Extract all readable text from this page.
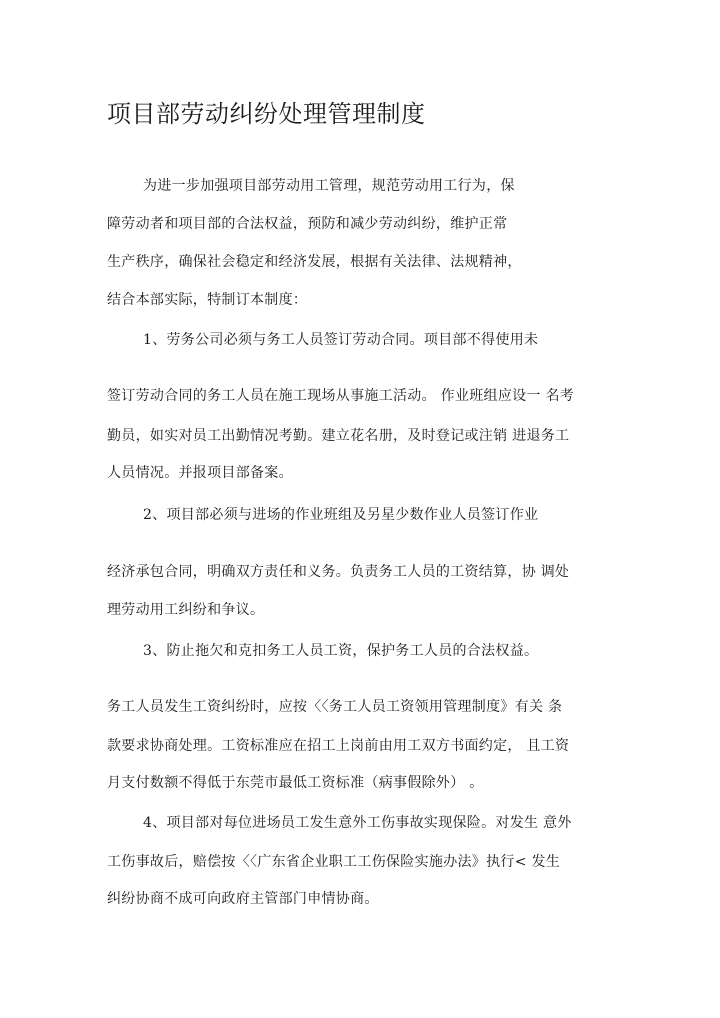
项目部劳动纠纷处理管理制度
为进一步加强项目部劳动用工管理，规范劳动用工行为，保
障劳动者和项目部的合法权益，预防和减少劳动纠纷，维护正常
生产秩序，确保社会稳定和经济发展，根据有关法律、法规精神，
结合本部实际，特制订本制度：
1、劳务公司必须与务工人员签订劳动合同。项目部不得使用未
签订劳动合同的务工人员在施工现场从事施工活动。 作业班组应设一 名考
勤员，如实对员工出勤情况考勤。建立花名册，及时登记或注销 进退务工
人员情况。并报项目部备案。
2、项目部必须与进场的作业班组及另星少数作业人员签订作业
经济承包合同，明确双方责任和义务。负责务工人员的工资结算，协 调处
理劳动用工纠纷和争议。
3、防止拖欠和克扣务工人员工资，保护务工人员的合法权益。
务工人员发生工资纠纷时，应按〈〈务工人员工资领用管理制度》有关 条
款要求协商处理。工资标准应在招工上岗前由用工双方书面约定， 且工资
月支付数额不得低于东莞市最低工资标准（病事假除外） 。
4、项目部对每位进场员工发生意外工伤事故实现保险。对发生 意外
工伤事故后，赔偿按〈〈广东省企业职工工伤保险实施办法》执行< 发生
纠纷协商不成可向政府主管部门申情协商。
